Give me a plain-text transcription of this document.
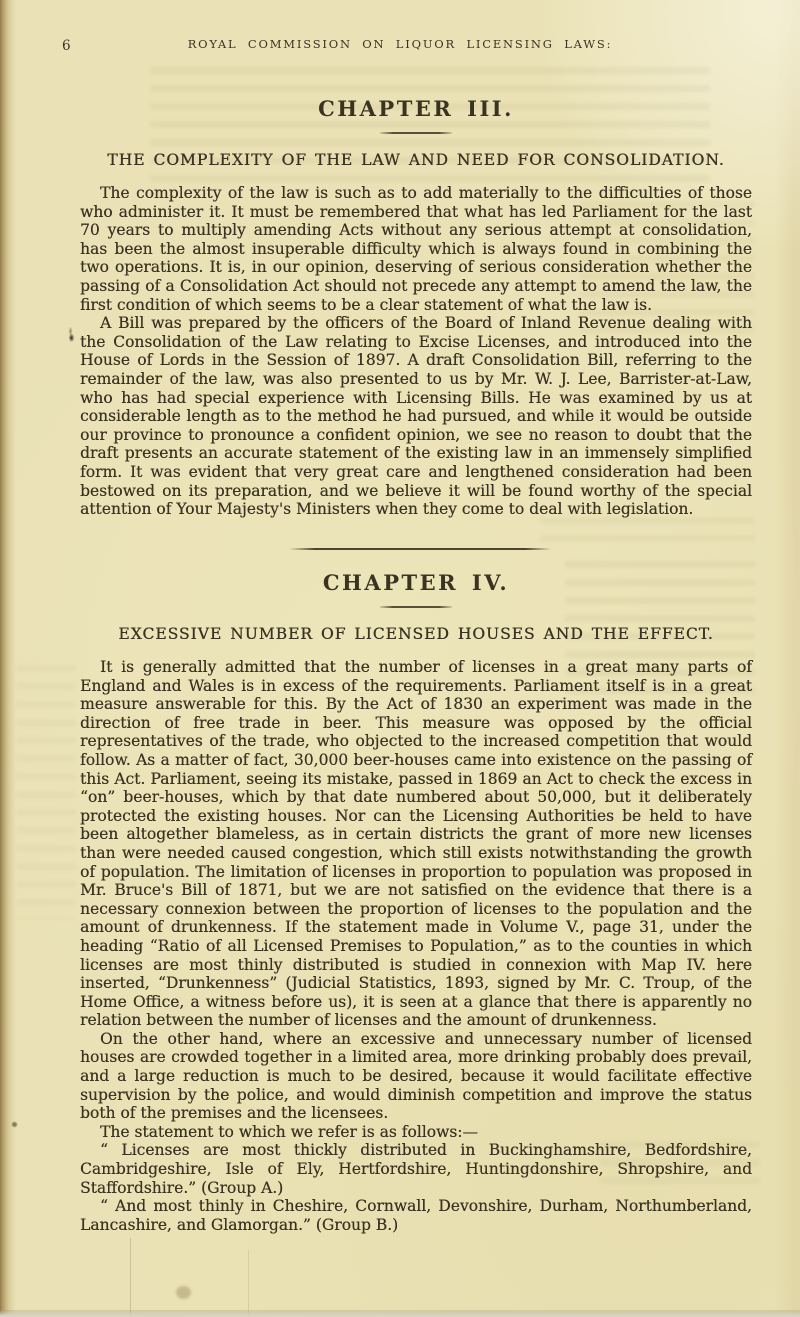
6	ROYAL COMMISSION ON LIQUOR LICENSING LAWS:
CHAPTER III.
THE COMPLEXITY OF THE LAW AND NEED FOR CONSOLIDATION.

The complexity of the law is such as to add materially to the difficulties of those who administer it. It must be remembered that what has led Parliament for the last 70 years to multiply amending Acts without any serious attempt at consolidation, has been the almost insuperable difficulty which is always found in combining the two operations. It is, in our opinion, deserving of serious consideration whether the passing of a Consolidation Act should not precede any attempt to amend the law, the first condition of which seems to be a clear statement of what the law is.

A Bill was prepared by the officers of the Board of Inland Revenue dealing with the Consolidation of the Law relating to Excise Licenses, and introduced into the House of Lords in the Session of 1897. A draft Consolidation Bill, referring to the remainder of the law, was also presented to us by Mr. W. J. Lee, Barrister-at-Law, who has had special experience with Licensing Bills. He was examined by us at considerable length as to the method he had pursued, and while it would be outside our province to pronounce a confident opinion, we see no reason to doubt that the draft presents an accurate statement of the existing law in an immensely simplified form. It was evident that very great care and lengthened consideration had been bestowed on its preparation, and we believe it will be found worthy of the special attention of Your Majesty's Ministers when they come to deal with legislation.

CHAPTER IV.
EXCESSIVE NUMBER OF LICENSED HOUSES AND THE EFFECT.

It is generally admitted that the number of licenses in a great many parts of England and Wales is in excess of the requirements. Parliament itself is in a great measure answerable for this. By the Act of 1830 an experiment was made in the direction of free trade in beer. This measure was opposed by the official representatives of the trade, who objected to the increased competition that would follow. As a matter of fact, 30,000 beer-houses came into existence on the passing of this Act. Parliament, seeing its mistake, passed in 1869 an Act to check the excess in “on” beer-houses, which by that date numbered about 50,000, but it deliberately protected the existing houses. Nor can the Licensing Authorities be held to have been altogether blameless, as in certain districts the grant of more new licenses than were needed caused congestion, which still exists notwithstanding the growth of population. The limitation of licenses in proportion to population was proposed in Mr. Bruce's Bill of 1871, but we are not satisfied on the evidence that there is a necessary connexion between the proportion of licenses to the population and the amount of drunkenness. If the statement made in Volume V., page 31, under the heading “Ratio of all Licensed Premises to Population,” as to the counties in which licenses are most thinly distributed is studied in connexion with Map IV. here inserted, “Drunkenness” (Judicial Statistics, 1893, signed by Mr. C. Troup, of the Home Office, a witness before us), it is seen at a glance that there is apparently no relation between the number of licenses and the amount of drunkenness.

On the other hand, where an excessive and unnecessary number of licensed houses are crowded together in a limited area, more drinking probably does prevail, and a large reduction is much to be desired, because it would facilitate effective supervision by the police, and would diminish competition and improve the status both of the premises and the licensees.

The statement to which we refer is as follows:—

“ Licenses are most thickly distributed in Buckinghamshire, Bedfordshire, Cambridgeshire, Isle of Ely, Hertfordshire, Huntingdonshire, Shropshire, and Staffordshire.” (Group A.)

“ And most thinly in Cheshire, Cornwall, Devonshire, Durham, Northumberland, Lancashire, and Glamorgan.” (Group B.)
